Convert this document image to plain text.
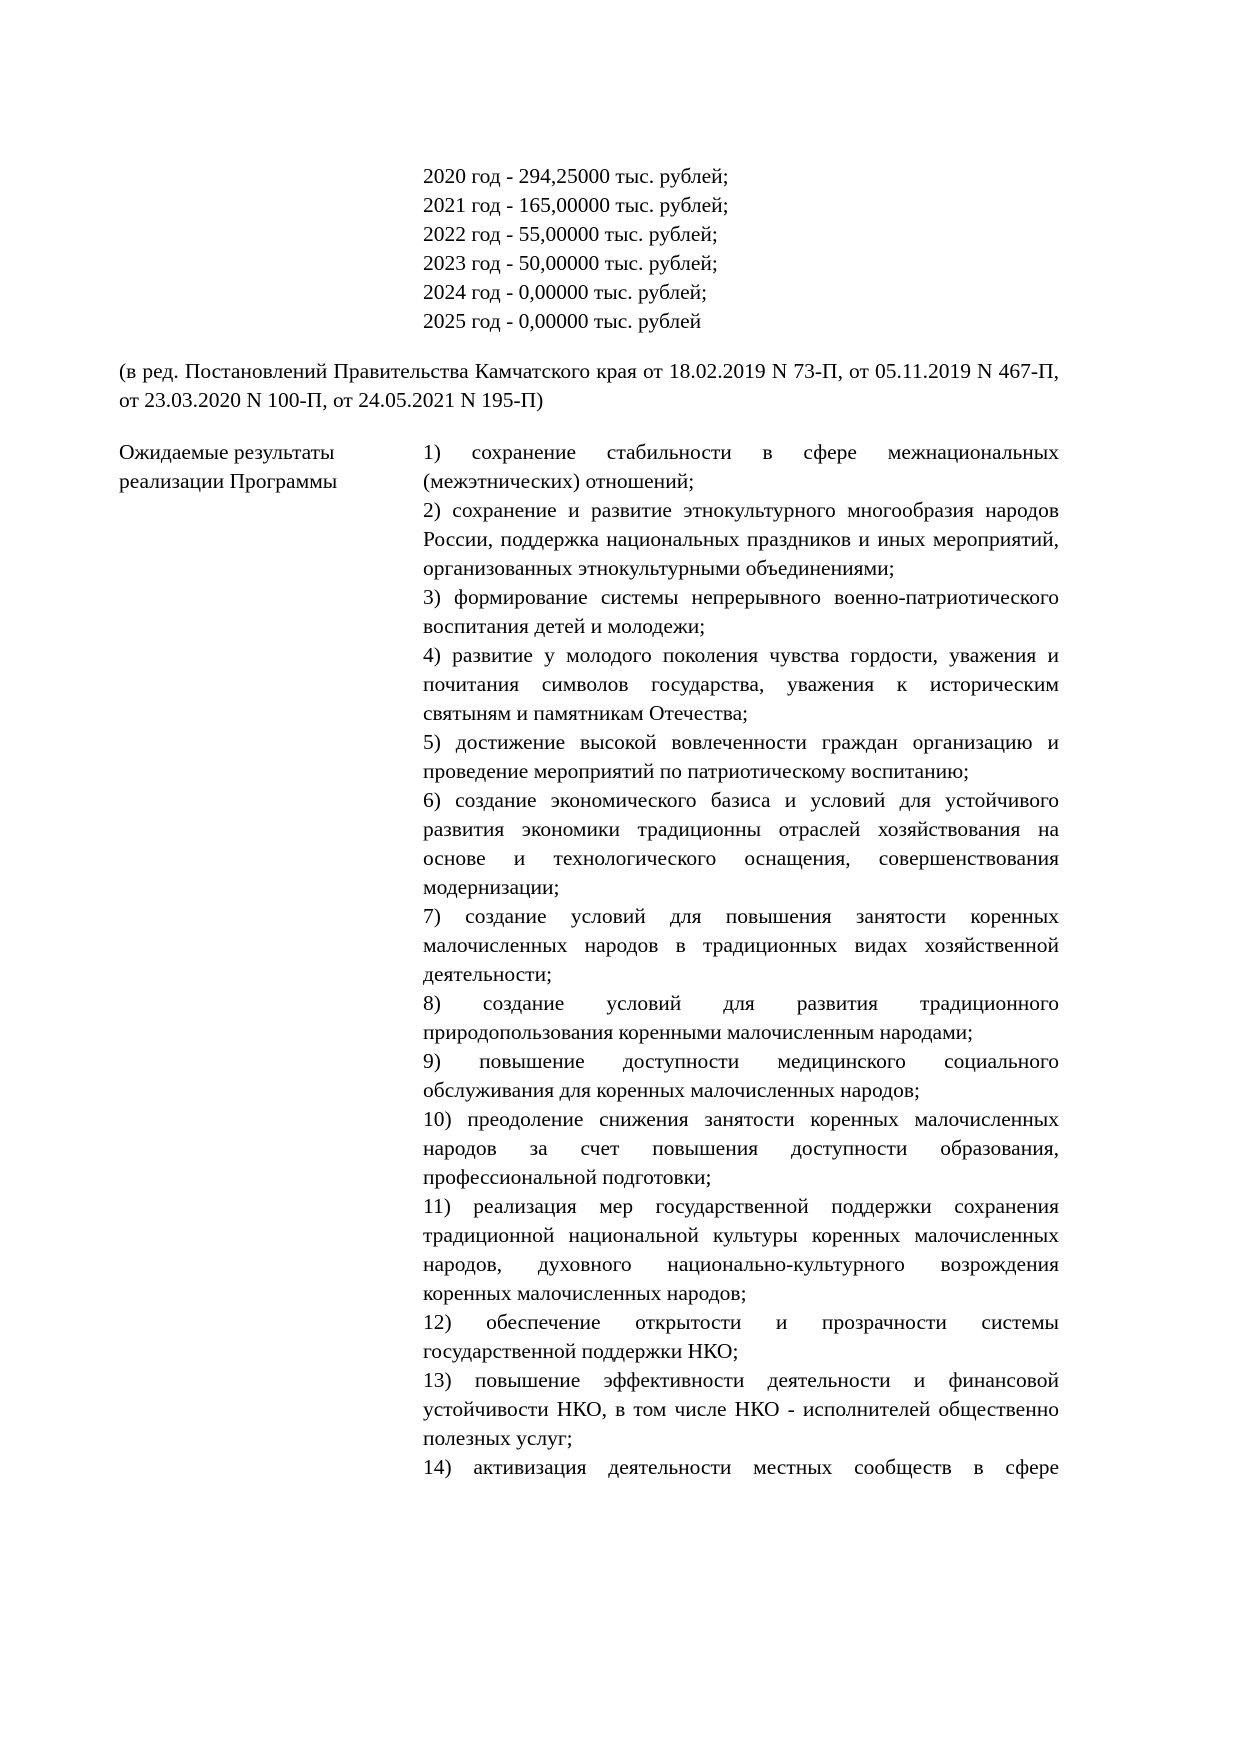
2020 год - 294,25000 тыс. рублей;
2021 год - 165,00000 тыс. рублей;
2022 год - 55,00000 тыс. рублей;
2023 год - 50,00000 тыс. рублей;
2024 год - 0,00000 тыс. рублей;
2025 год - 0,00000 тыс. рублей
(в ред. Постановлений Правительства Камчатского края от 18.02.2019 N 73-П, от 05.11.2019 N 467-П, от 23.03.2020 N 100-П, от 24.05.2021 N 195-П)
Ожидаемые результаты реализации Программы

1) сохранение стабильности в сфере межнациональных (межэтнических) отношений;

2) сохранение и развитие этнокультурного многообразия народов России, поддержка национальных праздников и иных мероприятий, организованных этнокультурными объединениями;

3) формирование системы непрерывного военно-патриотического воспитания детей и молодежи;

4) развитие у молодого поколения чувства гордости, уважения и почитания символов государства, уважения к историческим святыням и памятникам Отечества;

5) достижение высокой вовлеченности граждан организацию и проведение мероприятий по патриотическому воспитанию;

6) создание экономического базиса и условий для устойчивого развития экономики традиционны отраслей хозяйствования на основе и технологического оснащения, совершенствования модернизации;

7) создание условий для повышения занятости коренных малочисленных народов в традиционных видах хозяйственной деятельности;

8) создание условий для развития традиционного природопользования коренными малочисленным народами;

9) повышение доступности медицинского социального обслуживания для коренных малочисленных народов;

10) преодоление снижения занятости коренных малочисленных народов за счет повышения доступности образования, профессиональной подготовки;

11) реализация мер государственной поддержки сохранения традиционной национальной культуры коренных малочисленных народов, духовного национально-культурного возрождения коренных малочисленных народов;

12) обеспечение открытости и прозрачности системы государственной поддержки НКО;

13) повышение эффективности деятельности и финансовой устойчивости НКО, в том числе НКО - исполнителей общественно полезных услуг;

14) активизация деятельности местных сообществ в сфере
